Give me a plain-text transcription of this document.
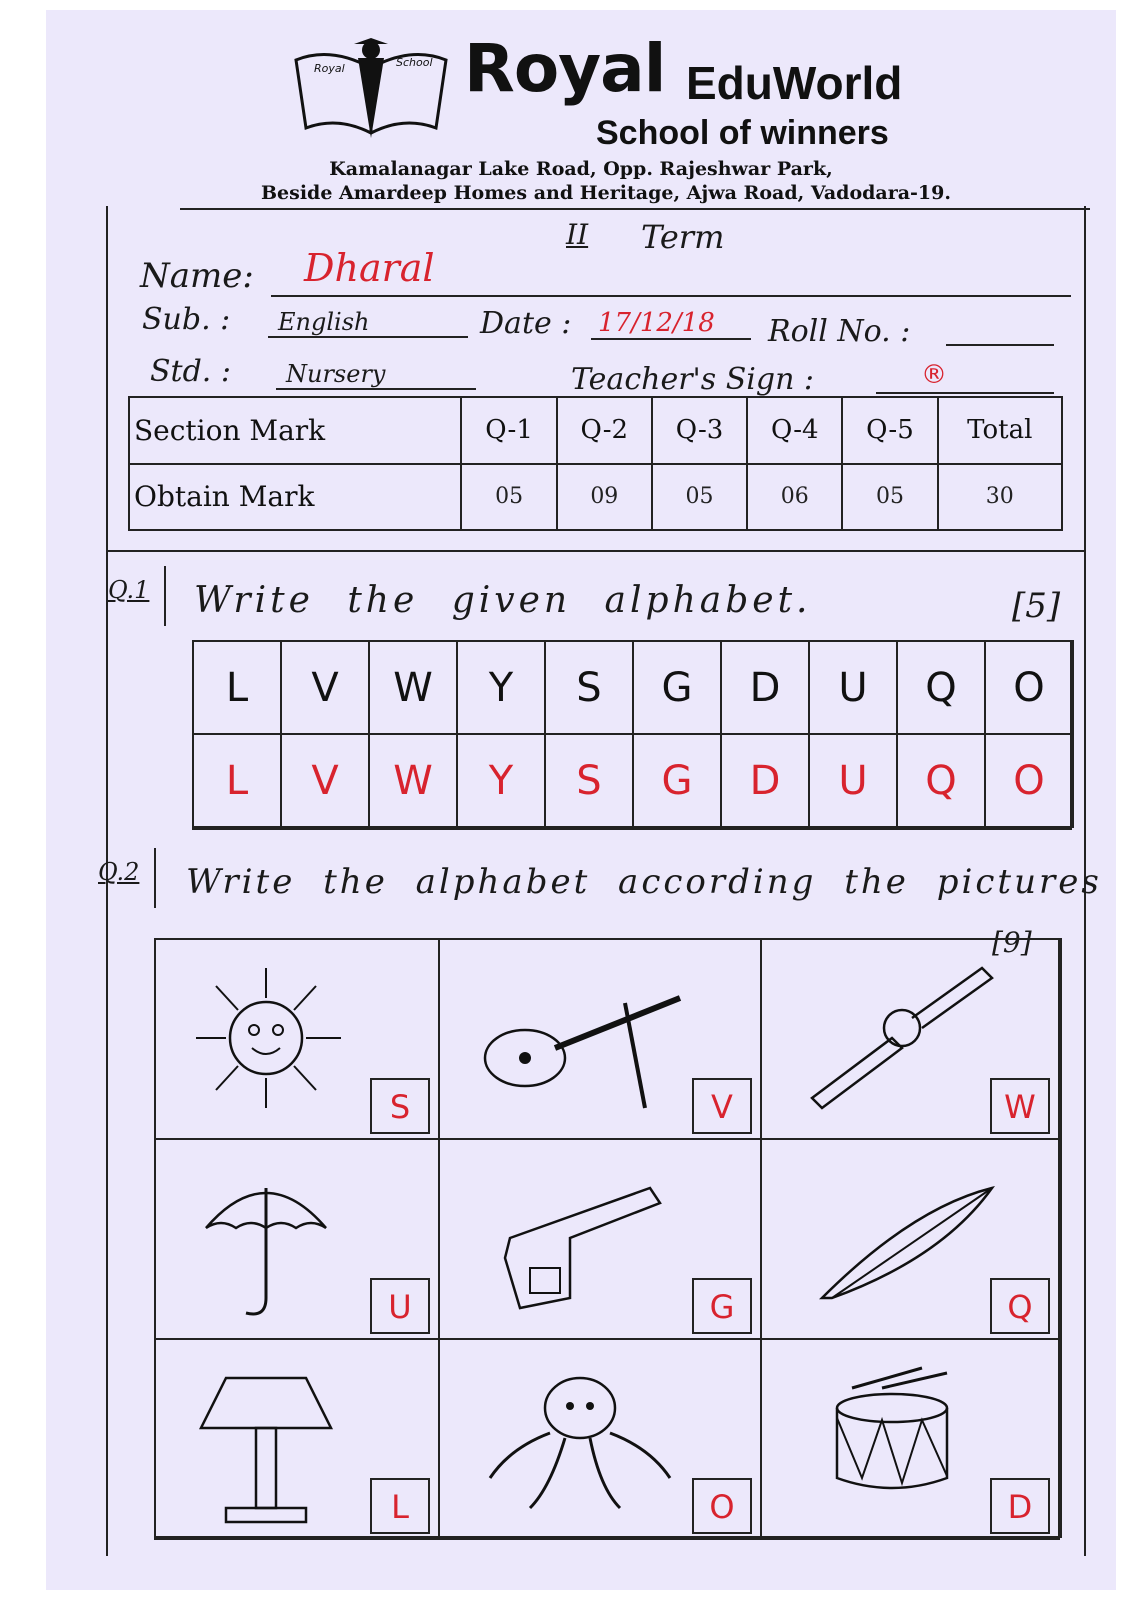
Royal	School Royal EduWorld
School of winners
Kamalanagar Lake Road, Opp. Rajeshwar Park,
Beside Amardeep Homes and Heritage, Ajwa Road, Vadodara-19.
II Term
Name: Dharal
Sub. : English	Date : 17/12/18 Roll No. :
Std. : Nursery	Teacher's Sign :	®
Section Mark	Q-1	Q-2	Q-3	Q-4	Q-5	Total
Obtain Mark	05	09	05	06	05	30
Q.1 Write the given alphabet.	[5]
L	V	W	Y	S	G	D	U	Q	O
L	V	W	Y	S	G	D	U	Q	O
Q.2 Write the alphabet according the pictures
[9]
S	V	W
U	G	Q
L	O	D
